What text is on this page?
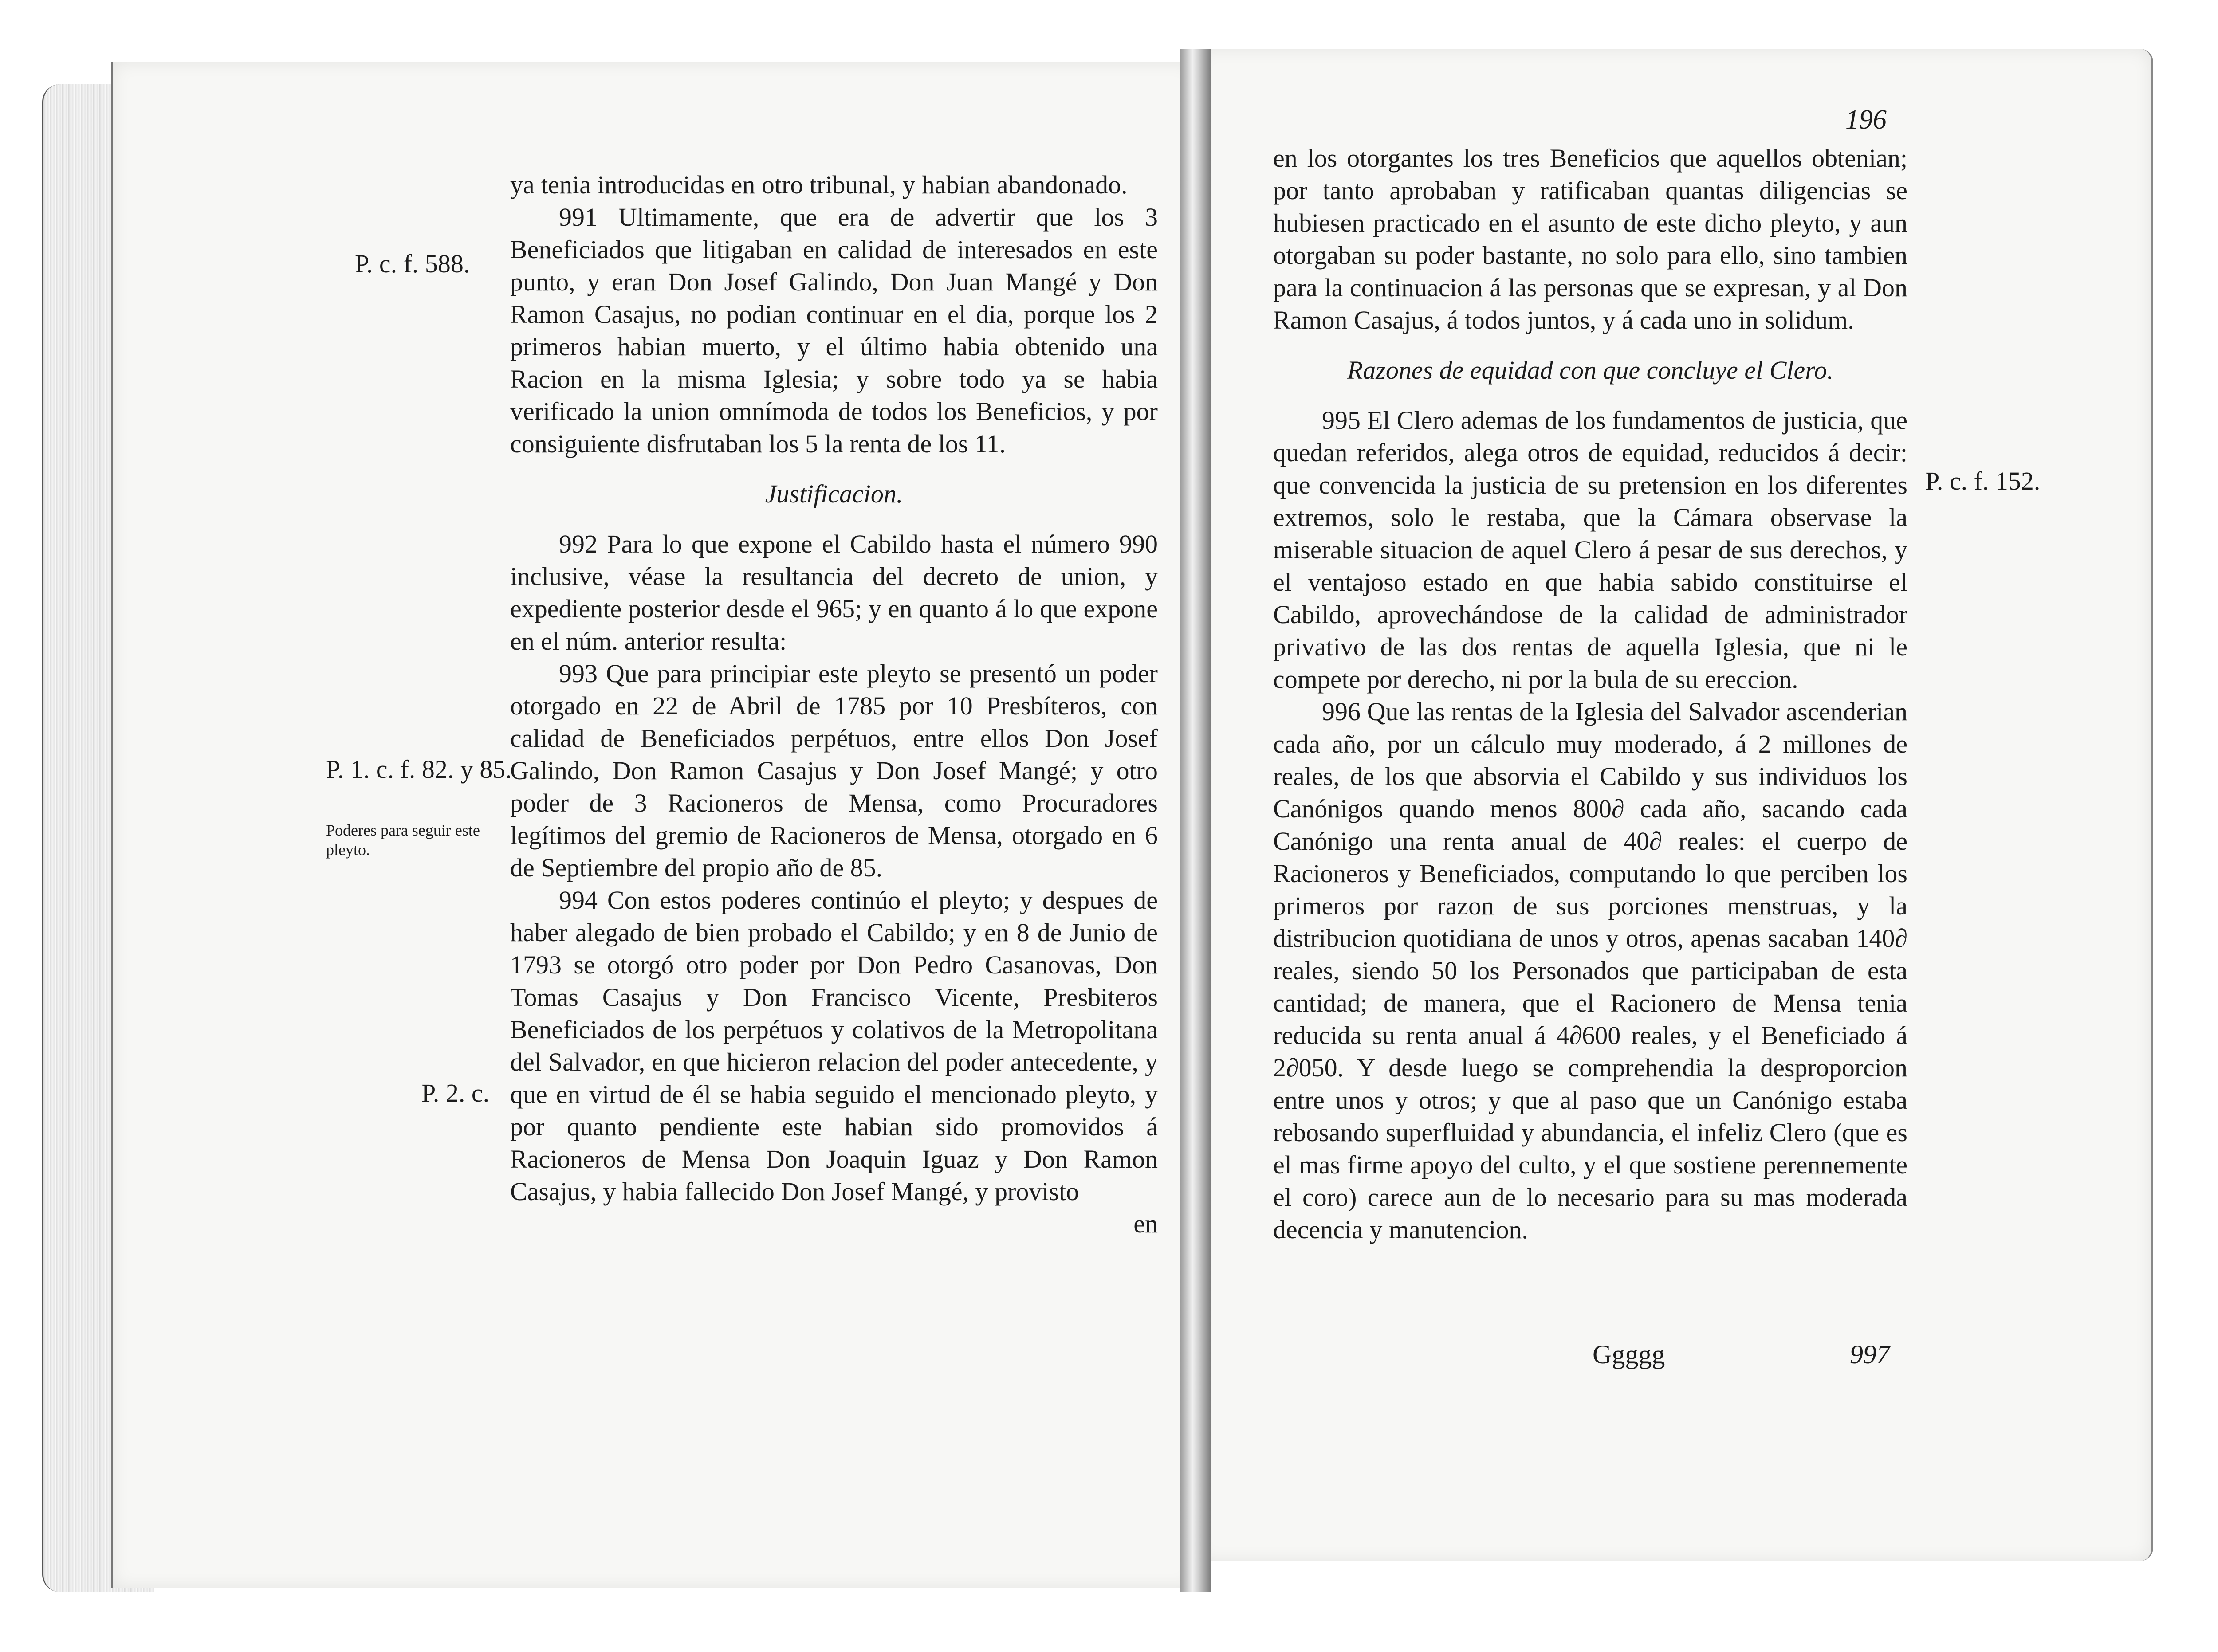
ya tenia introducidas en otro tribunal, y habian abandonado.

991 Ultimamente, que era de advertir que los 3 Beneficiados que litigaban en calidad de interesados en este punto, y eran Don Josef Galindo, Don Juan Mangé y Don Ramon Casajus, no podian continuar en el dia, porque los 2 primeros habian muerto, y el último habia obtenido una Racion en la misma Iglesia; y sobre todo ya se habia verificado la union omnímoda de todos los Beneficios, y por consiguiente disfrutaban los 5 la renta de los 11.

Justificacion.

992 Para lo que expone el Cabildo hasta el número 990 inclusive, véase la resultancia del decreto de union, y expediente posterior desde el 965; y en quanto á lo que expone en el núm. anterior resulta:

993 Que para principiar este pleyto se presentó un poder otorgado en 22 de Abril de 1785 por 10 Presbíteros, con calidad de Beneficiados perpétuos, entre ellos Don Josef Galindo, Don Ramon Casajus y Don Josef Mangé; y otro poder de 3 Racioneros de Mensa, como Procuradores legítimos del gremio de Racioneros de Mensa, otorgado en 6 de Septiembre del propio año de 85.

994 Con estos poderes continúo el pleyto; y despues de haber alegado de bien probado el Cabildo; y en 8 de Junio de 1793 se otorgó otro poder por Don Pedro Casanovas, Don Tomas Casajus y Don Francisco Vicente, Presbiteros Beneficiados de los perpétuos y colativos de la Metropolitana del Salvador, en que hicieron relacion del poder antecedente, y que en virtud de él se habia seguido el mencionado pleyto, y por quanto pendiente este habian sido promovidos á Racioneros de Mensa Don Joaquin Iguaz y Don Ramon Casajus, y habia fallecido Don Josef Mangé, y provisto

en

P. c. f. 588.
P. 1. c. f. 82. y 85.
Poderes para seguir este pleyto.
P. 2. c.
196

en los otorgantes los tres Beneficios que aquellos obtenian; por tanto aprobaban y ratificaban quantas diligencias se hubiesen practicado en el asunto de este dicho pleyto, y aun otorgaban su poder bastante, no solo para ello, sino tambien para la continuacion á las personas que se expresan, y al Don Ramon Casajus, á todos juntos, y á cada uno in solidum.

Razones de equidad con que concluye el Clero.

995 El Clero ademas de los fundamentos de justicia, que quedan referidos, alega otros de equidad, reducidos á decir: que convencida la justicia de su pretension en los diferentes extremos, solo le restaba, que la Cámara observase la miserable situacion de aquel Clero á pesar de sus derechos, y el ventajoso estado en que habia sabido constituirse el Cabildo, aprovechándose de la calidad de administrador privativo de las dos rentas de aquella Iglesia, que ni le compete por derecho, ni por la bula de su ereccion.

996 Que las rentas de la Iglesia del Salvador ascenderian cada año, por un cálculo muy moderado, á 2 millones de reales, de los que absorvia el Cabildo y sus individuos los Canónigos quando menos 800∂ cada año, sacando cada Canónigo una renta anual de 40∂ reales: el cuerpo de Racioneros y Beneficiados, computando lo que perciben los primeros por razon de sus porciones menstruas, y la distribucion quotidiana de unos y otros, apenas sacaban 140∂ reales, siendo 50 los Personados que participaban de esta cantidad; de manera, que el Racionero de Mensa tenia reducida su renta anual á 4∂600 reales, y el Beneficiado á 2∂050. Y desde luego se comprehendia la desproporcion entre unos y otros; y que al paso que un Canónigo estaba rebosando superfluidad y abundancia, el infeliz Clero (que es el mas firme apoyo del culto, y el que sostiene perennemente el coro) carece aun de lo necesario para su mas moderada decencia y manutencion.

P. c. f. 152.
Ggggg	997
